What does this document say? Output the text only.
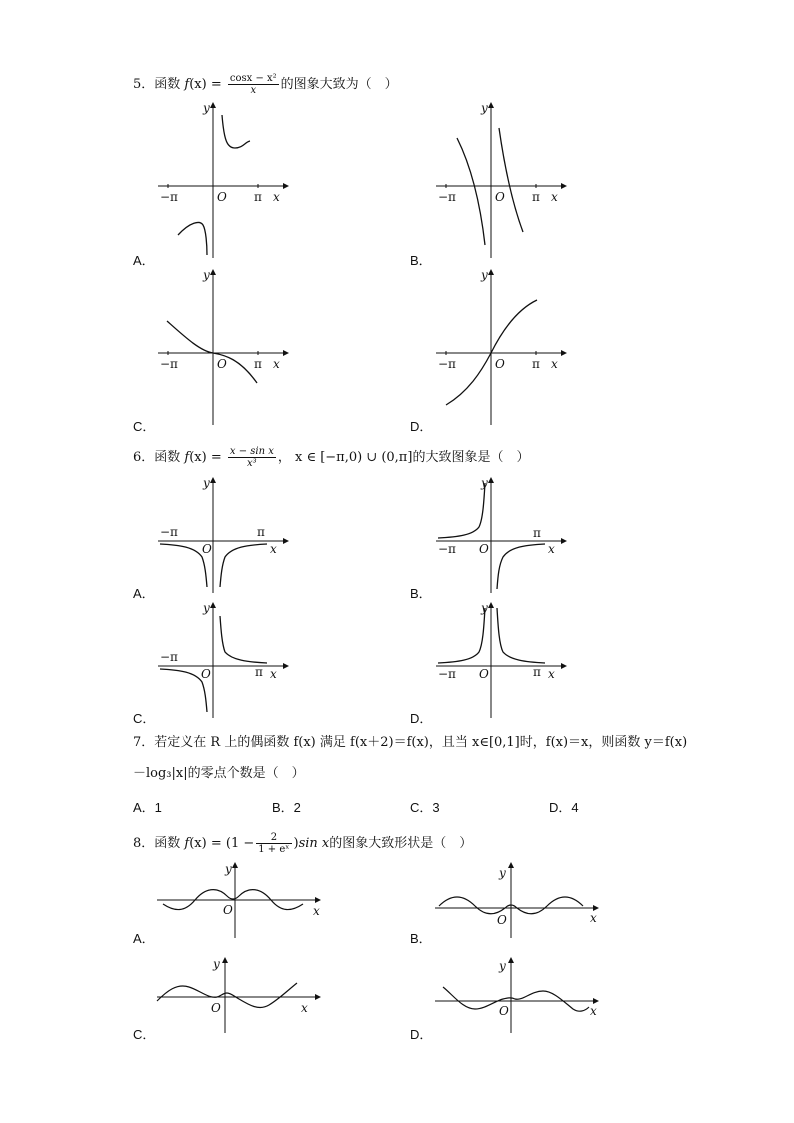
5．函数 $f(x) = \frac{\text{cosx − x²}}{x}$ 的图象大致为（　）
y
x
O π
−π
A．
y
x
O π
−π
B．
y
x
O π
−π
C．
y
x
O π
−π
D．
6．函数 $f(x) = \frac{\text{x − sin x}}{\text{x³}}$ ， x ∈ [−π,0) ∪ (0,π]的大致图象是（　）
y
x
O
π
−π
A．
y
x
O
π
−π
B．
y
x
O	π
−π
C．
y
x
O	π
−π
D．
7．若定义在 R 上的偶函数 f(x) 满足 f(x＋2)＝f(x)，且当 x∈[0,1]时，f(x)＝x，则函数 y＝f(x)
－log₃|x|的零点个数是（　）
A．1	B．2	C．3	D．4
8．函数 $f(x) = (1 - \frac{2}{\text{1 + eˣ}} )\sin$ x的图象大致形状是（　）
y
x
O
A．
y
x
O
B．
y
x
O
C．
y
x
O
D．
